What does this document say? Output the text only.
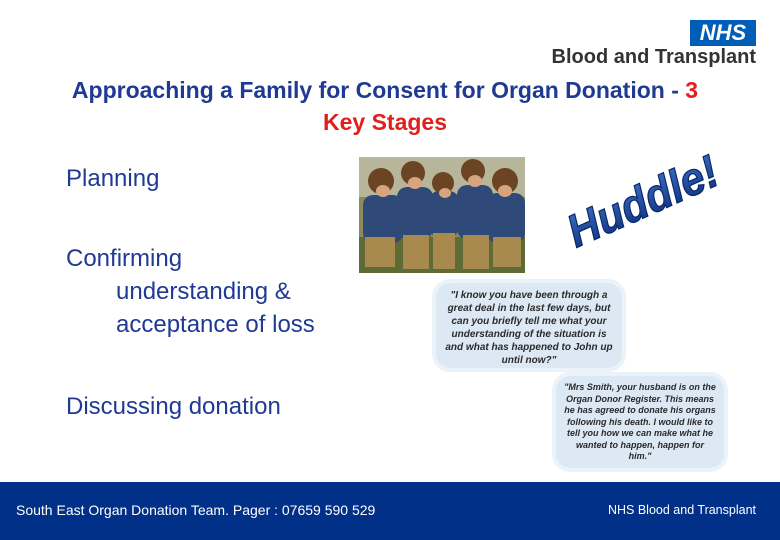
NHS
Blood and Transplant
Approaching a Family for Consent for Organ Donation - 3 Key Stages
Planning
Confirming
understanding &
acceptance of loss
Discussing donation
Huddle!
"I know you have been through a great deal in the last few days, but can you briefly tell me what your understanding of the situation is and what has happened to John up until now?"
"Mrs Smith, your husband is on the Organ Donor Register. This means he has agreed to donate his organs following his death. I would like to tell you how we can make what he wanted to happen, happen for him."
South East Organ Donation Team. Pager : 07659 590 529	NHS Blood and Transplant
